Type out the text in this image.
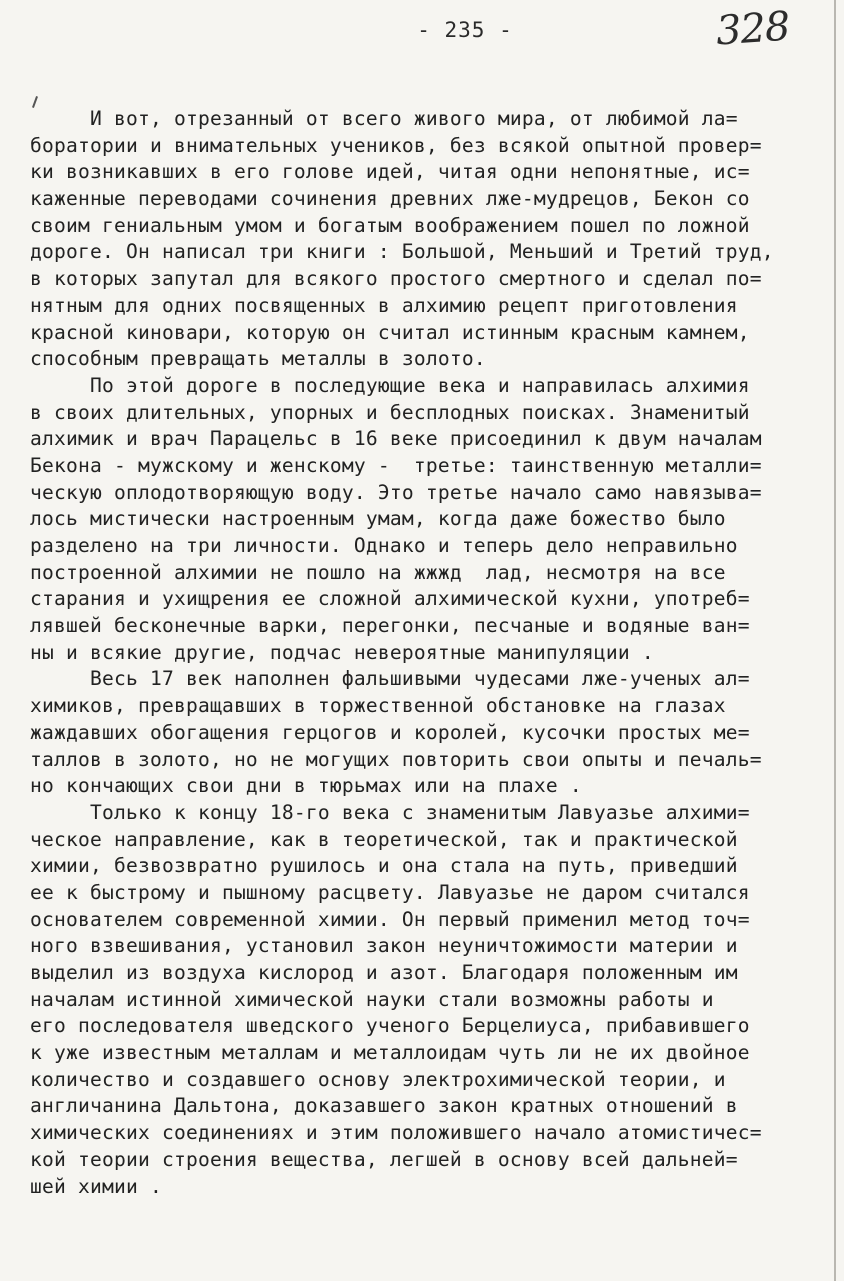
- 235 -	328
И вот, отрезанный от всего живого мира, от любимой ла=
боратории и внимательных учеников, без всякой опытной провер=
ки возникавших в его голове идей, читая одни непонятные, ис=
каженные переводами сочинения древних лже-мудрецов, Бекон со
своим гениальным умом и богатым воображением пошел по ложной
дороге. Он написал три книги : Большой, Меньший и Третий труд,
в которых запутал для всякого простого смертного и сделал по=
нятным для одних посвященных в алхимию рецепт приготовления
красной киновари, которую он считал истинным красным камнем,
способным превращать металлы в золото.
По этой дороге в последующие века и направилась алхимия
в своих длительных, упорных и бесплодных поисках. Знаменитый
алхимик и врач Парацельс в 16 веке присоединил к двум началам
Бекона - мужскому и женскому -  третье: таинственную металли=
ческую оплодотворяющую воду. Это третье начало само навязыва=
лось мистически настроенным умам, когда даже божество было
разделено на три личности. Однако и теперь дело неправильно
построенной алхимии не пошло на жжжд  лад, несмотря на все
старания и ухищрения ее сложной алхимической кухни, употреб=
лявшей бесконечные варки, перегонки, песчаные и водяные ван=
ны и всякие другие, подчас невероятные манипуляции .
Весь 17 век наполнен фальшивыми чудесами лже-ученых ал=
химиков, превращавших в торжественной обстановке на глазах
жаждавших обогащения герцогов и королей, кусочки простых ме=
таллов в золото, но не могущих повторить свои опыты и печаль=
но кончающих свои дни в тюрьмах или на плахе .
Только к концу 18-го века с знаменитым Лавуазье алхими=
ческое направление, как в теоретической, так и практической
химии, безвозвратно рушилось и она стала на путь, приведший
ее к быстрому и пышному расцвету. Лавуазье не даром считался
основателем современной химии. Он первый применил метод точ=
ного взвешивания, установил закон неуничтожимости материи и
выделил из воздуха кислород и азот. Благодаря положенным им
началам истинной химической науки стали возможны работы и
его последователя шведского ученого Берцелиуса, прибавившего
к уже известным металлам и металлоидам чуть ли не их двойное
количество и создавшего основу электрохимической теории, и
англичанина Дальтона, доказавшего закон кратных отношений в
химических соединениях и этим положившего начало атомистичес=
кой теории строения вещества, легшей в основу всей дальней=
шей химии .
